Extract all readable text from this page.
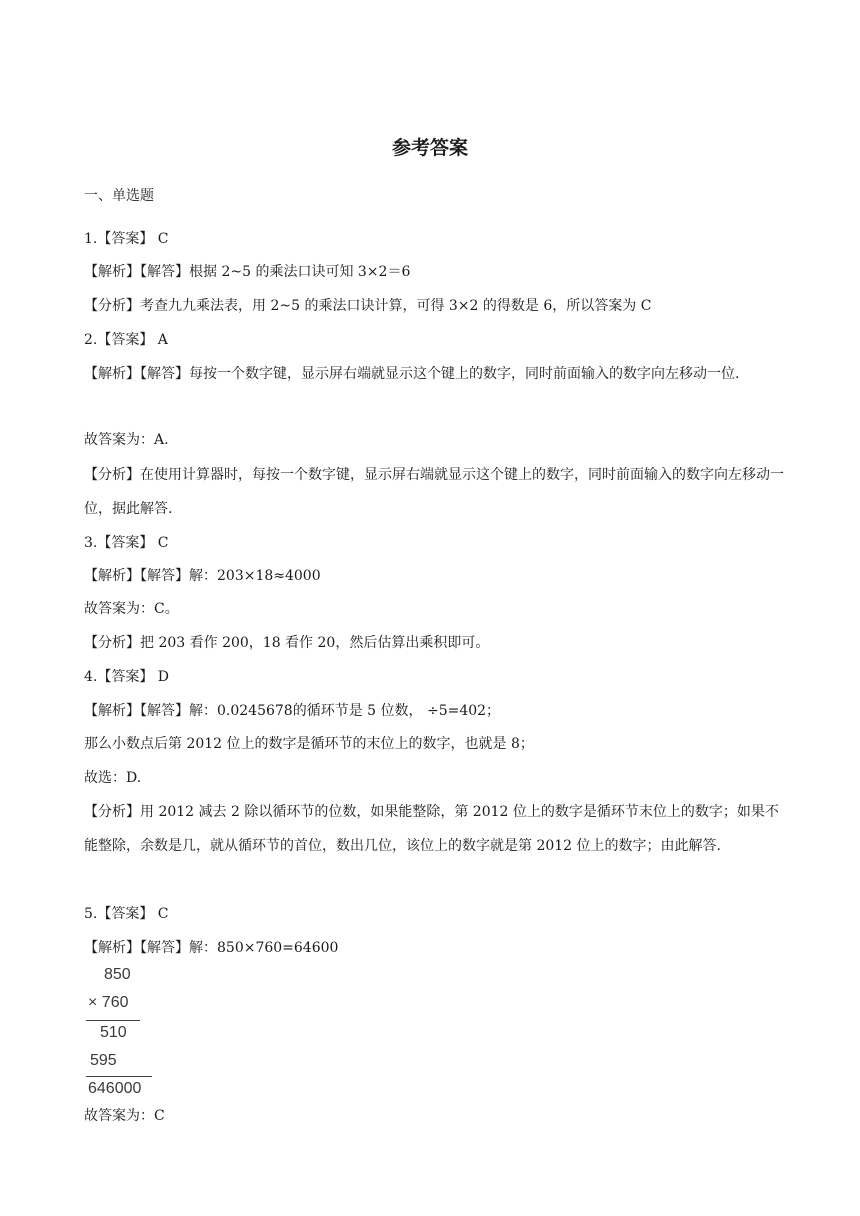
参考答案
一、单选题
1.【答案】 C
【解析】【解答】根据 2~5 的乘法口诀可知 3×2＝6
【分析】考查九九乘法表，用 2~5 的乘法口诀计算，可得 3×2 的得数是 6，所以答案为 C
2.【答案】 A
【解析】【解答】每按一个数字键，显示屏右端就显示这个键上的数字，同时前面输入的数字向左移动一位.
故答案为：A.
【分析】在使用计算器时，每按一个数字键，显示屏右端就显示这个键上的数字，同时前面输入的数字向左移动一位，据此解答.
3.【答案】 C
【解析】【解答】解：203×18≈4000
故答案为：C。
【分析】把 203 看作 200，18 看作 20，然后估算出乘积即可。
4.【答案】 D
【解析】【解答】解：0.024567̇8̇的循环节是 5 位数， ÷5=402；
那么小数点后第 2012 位上的数字是循环节的末位上的数字，也就是 8；
故选：D.
【分析】用 2012 减去 2 除以循环节的位数，如果能整除，第 2012 位上的数字是循环节末位上的数字；如果不能整除，余数是几，就从循环节的首位，数出几位，该位上的数字就是第 2012 位上的数字；由此解答.
5.【答案】 C
【解析】【解答】解：850×760=64600
850
× 760
510
595
646000
故答案为：C
